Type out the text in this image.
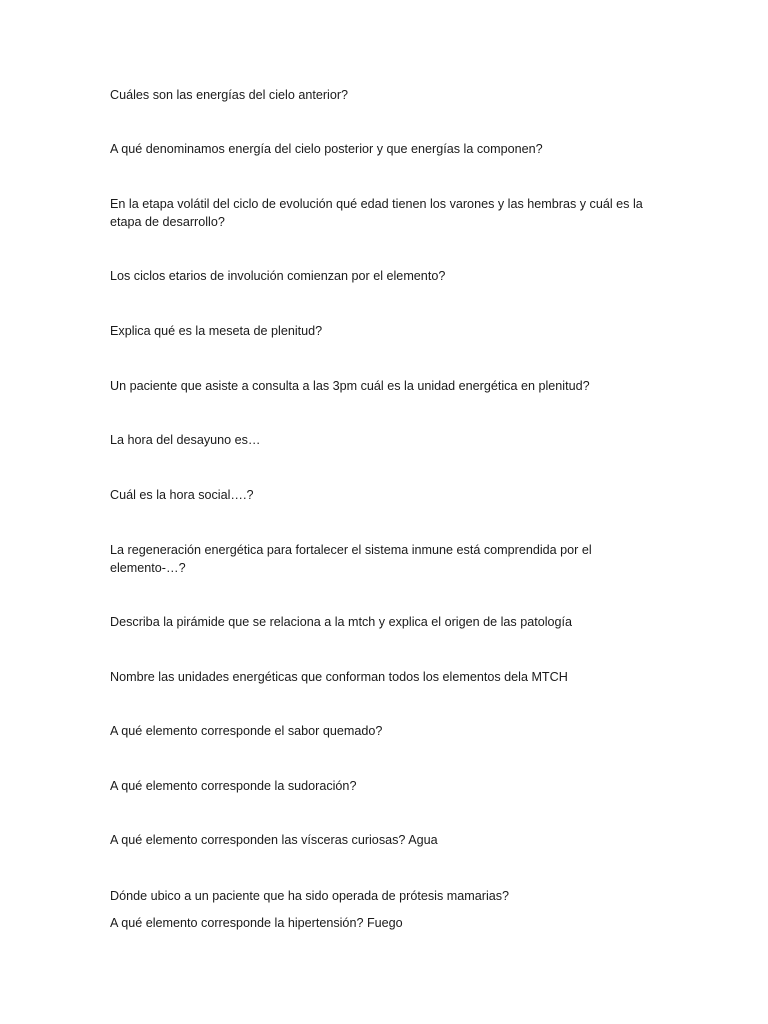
Cuáles son las energías del cielo anterior?

A qué denominamos energía del cielo posterior y que energías la componen?

En la etapa volátil del ciclo de evolución qué edad tienen los varones y las hembras y cuál es la etapa de desarrollo?

Los ciclos etarios de involución comienzan por el elemento?

Explica qué es la meseta de plenitud?

Un paciente que asiste a consulta a las 3pm cuál es la unidad energética en plenitud?

La hora del desayuno es…

Cuál es la hora social….?

La regeneración energética para fortalecer el sistema inmune está comprendida por el elemento-…?

Describa la pirámide que se relaciona a la mtch y explica el origen de las patología

Nombre las unidades energéticas que conforman todos los elementos dela MTCH

A qué elemento corresponde el sabor quemado?

A qué elemento corresponde la sudoración?

A qué elemento corresponden las vísceras curiosas? Agua

Dónde ubico a un paciente que ha sido operada de prótesis mamarias?

A qué elemento corresponde la hipertensión? Fuego
